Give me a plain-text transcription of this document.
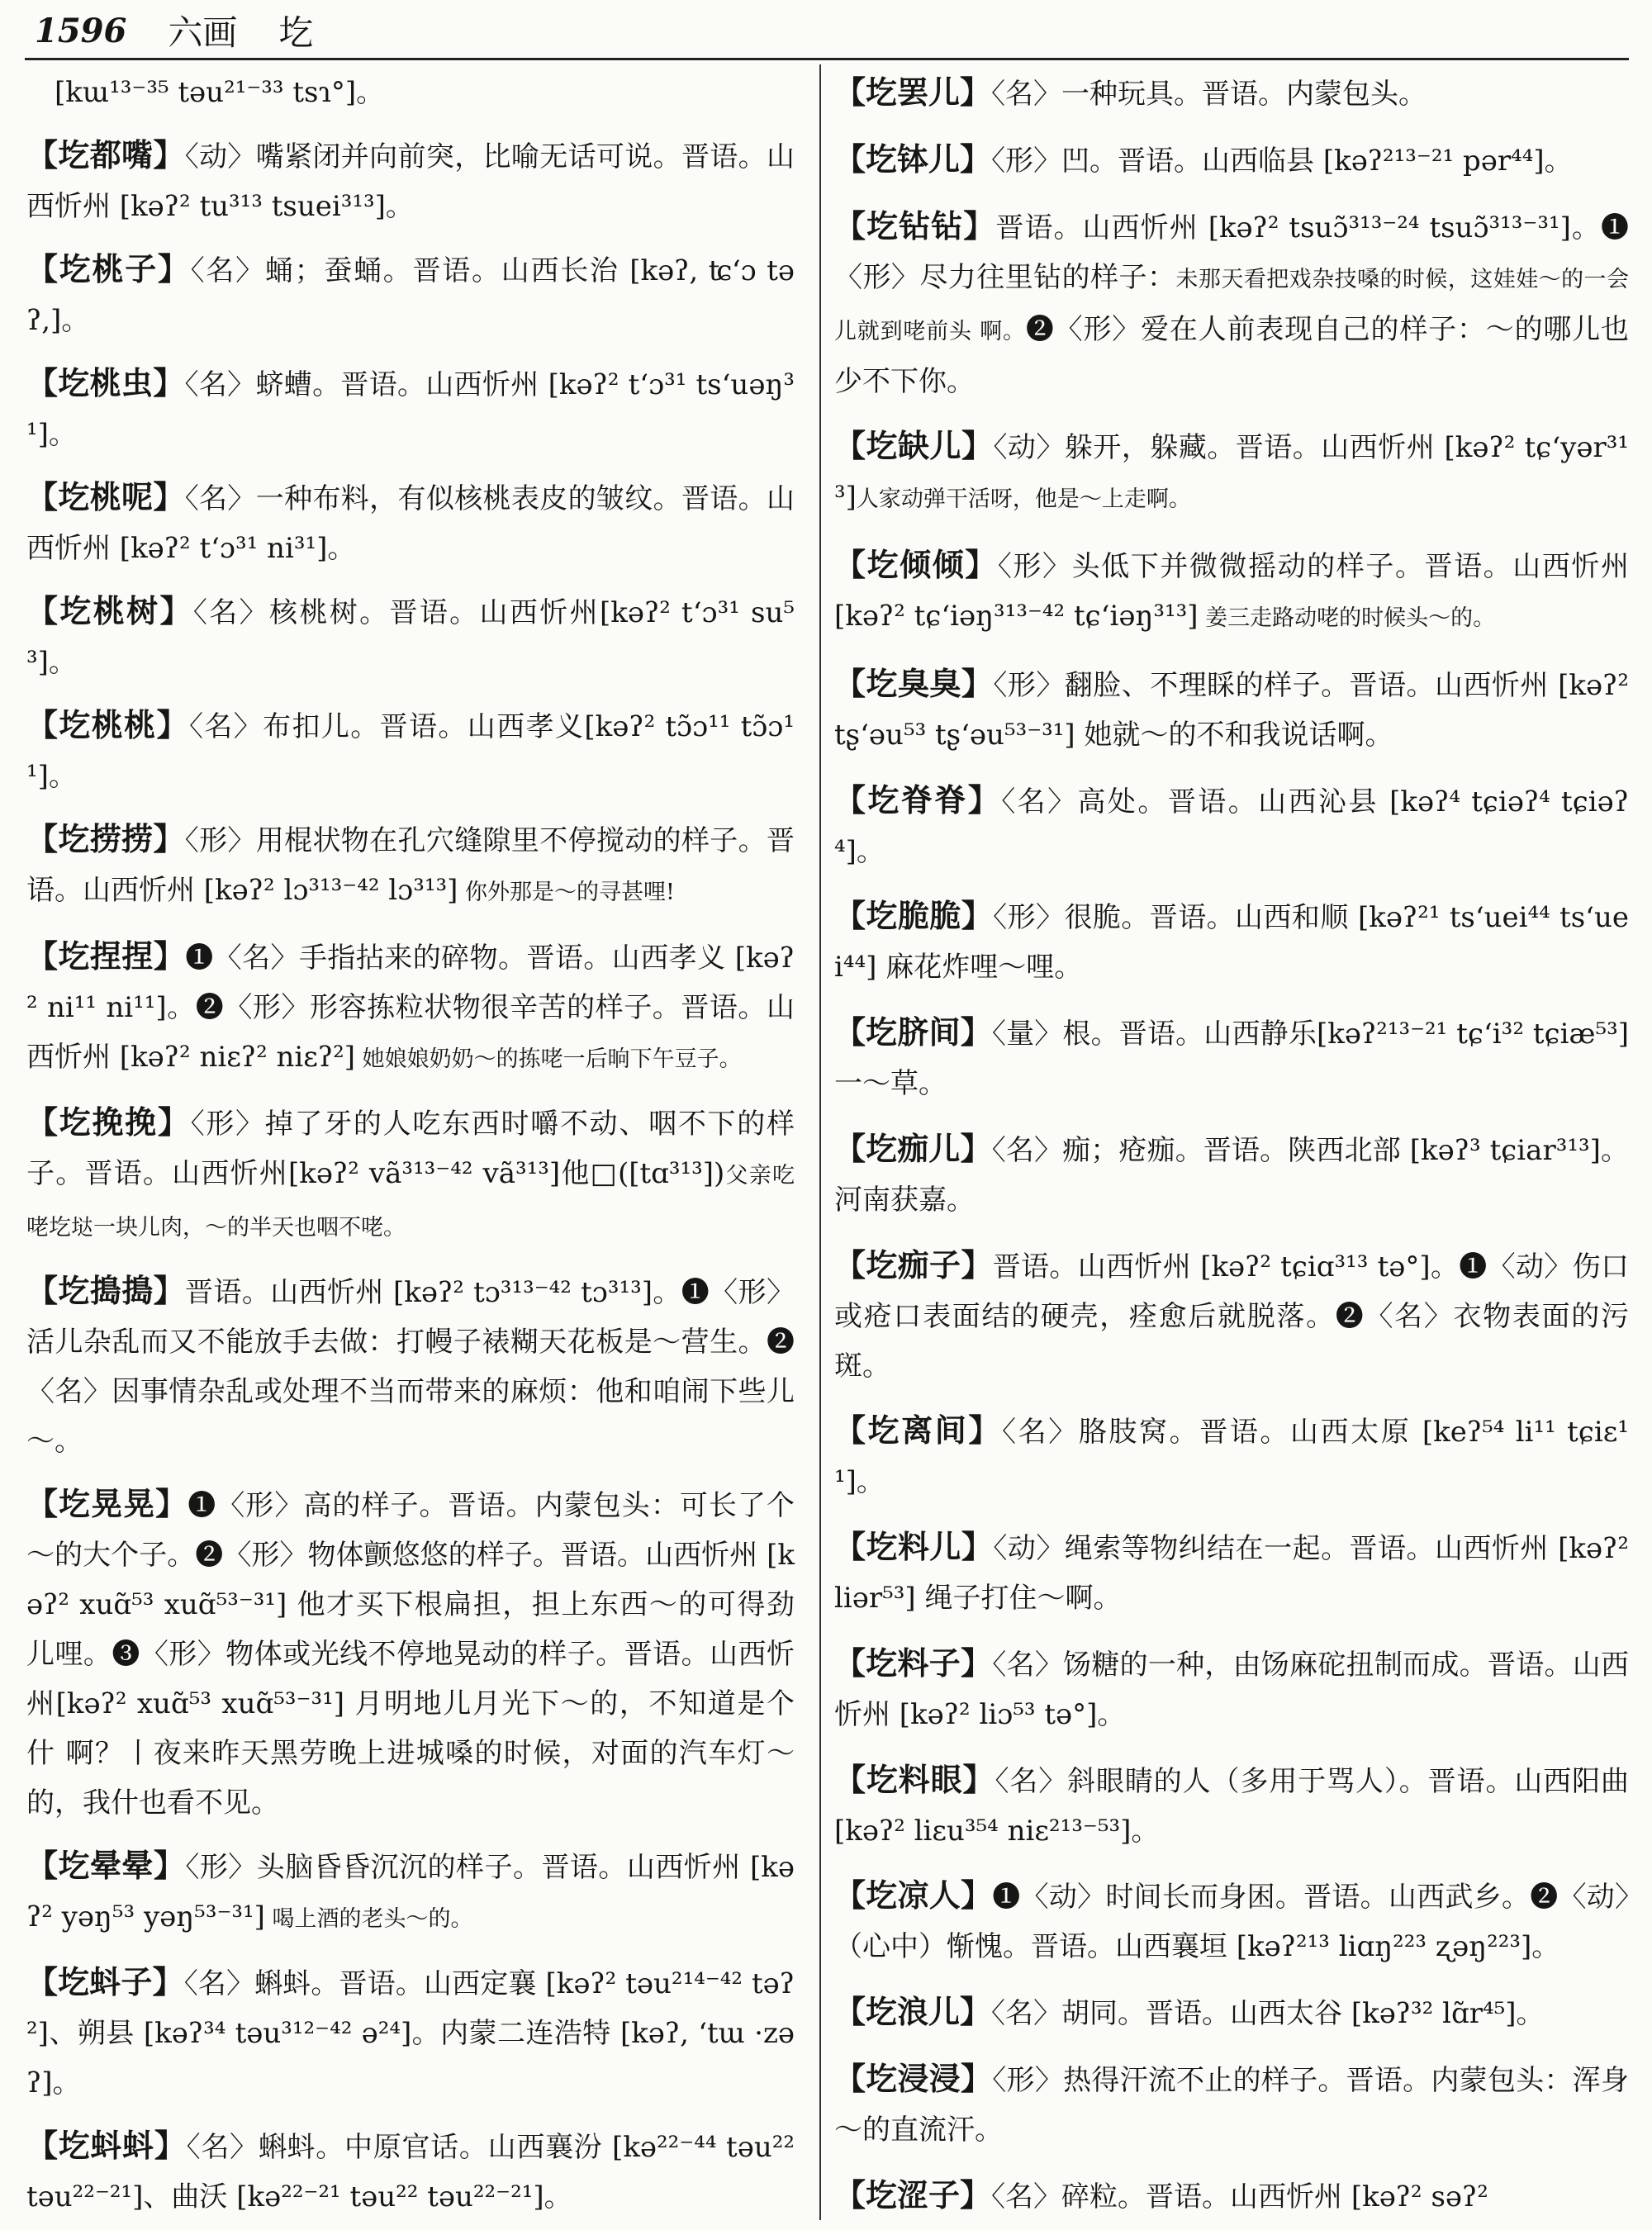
1596 六画 圪
[kɯ¹³⁻³⁵ təu²¹⁻³³ tsɿ°]。
【圪都嘴】〈动〉嘴紧闭并向前突，比喻无话可说。晋语。山西忻州 [kəʔ² tu³¹³ tsuei³¹³]。
【圪桃子】〈名〉蛹；蚕蛹。晋语。山西长治 [kəʔ, ʨʻɔ təʔ,]。
【圪桃虫】〈名〉蛴螬。晋语。山西忻州 [kəʔ² tʻɔ³¹ tsʻuəŋ³¹]。
【圪桃呢】〈名〉一种布料，有似核桃表皮的皱纹。晋语。山西忻州 [kəʔ² tʻɔ³¹ ni³¹]。
【圪桃树】〈名〉核桃树。晋语。山西忻州[kəʔ² tʻɔ³¹ su⁵³]。
【圪桃桃】〈名〉布扣儿。晋语。山西孝义[kəʔ² tɔ̃ɔ¹¹ tɔ̃ɔ¹¹]。
【圪捞捞】〈形〉用棍状物在孔穴缝隙里不停搅动的样子。晋语。山西忻州 [kəʔ² lɔ³¹³⁻⁴² lɔ³¹³] 你外那是～的寻甚哩!
【圪捏捏】❶〈名〉手指拈来的碎物。晋语。山西孝义 [kəʔ² ni¹¹ ni¹¹]。❷〈形〉形容拣粒状物很辛苦的样子。晋语。山西忻州 [kəʔ² niɛʔ² niɛʔ²] 她娘娘奶奶～的拣咾一后晌下午豆子。
【圪挽挽】〈形〉掉了牙的人吃东西时嚼不动、咽不下的样子。晋语。山西忻州[kəʔ² vã³¹³⁻⁴² vã³¹³]他□([tɑ³¹³])父亲吃咾圪垯一块儿肉，～的半天也咽不咾。
【圪搗搗】晋语。山西忻州 [kəʔ² tɔ³¹³⁻⁴² tɔ³¹³]。❶〈形〉活儿杂乱而又不能放手去做：打幔子裱糊天花板是～营生。❷〈名〉因事情杂乱或处理不当而带来的麻烦：他和咱闹下些儿～。
【圪晃晃】❶〈形〉高的样子。晋语。内蒙包头：可长了个～的大个子。❷〈形〉物体颤悠悠的样子。晋语。山西忻州 [kəʔ² xuɑ̃⁵³ xuɑ̃⁵³⁻³¹] 他才买下根扁担，担上东西～的可得劲儿哩。❸〈形〉物体或光线不停地晃动的样子。晋语。山西忻州[kəʔ² xuɑ̃⁵³ xuɑ̃⁵³⁻³¹] 月明地儿月光下～的，不知道是个什 啊？丨夜来昨天黑劳晚上进城嗓的时候，对面的汽车灯～的，我什也看不见。
【圪晕晕】〈形〉头脑昏昏沉沉的样子。晋语。山西忻州 [kəʔ² yəŋ⁵³ yəŋ⁵³⁻³¹] 喝上酒的老头～的。
【圪蚪子】〈名〉蝌蚪。晋语。山西定襄 [kəʔ² təu²¹⁴⁻⁴² təʔ²]、朔县 [kəʔ³⁴ təu³¹²⁻⁴² ə²⁴]。内蒙二连浩特 [kəʔ, ʻtɯ ·zəʔ]。
【圪蚪蚪】〈名〉蝌蚪。中原官话。山西襄汾 [kə²²⁻⁴⁴ təu²² təu²²⁻²¹]、曲沃 [kə²²⁻²¹ təu²² təu²²⁻²¹]。
【圪罢儿】〈名〉一种玩具。晋语。内蒙包头。
【圪钵儿】〈形〉凹。晋语。山西临县 [kəʔ²¹³⁻²¹ pər⁴⁴]。
【圪钻钻】晋语。山西忻州 [kəʔ² tsuɔ̃³¹³⁻²⁴ tsuɔ̃³¹³⁻³¹]。❶〈形〉尽力往里钻的样子：未那天看把戏杂技嗓的时候，这娃娃～的一会儿就到咾前头 啊。❷〈形〉爱在人前表现自己的样子：～的哪儿也少不下你。
【圪缺儿】〈动〉躲开，躲藏。晋语。山西忻州 [kəʔ² tɕʻyər³¹³]人家动弹干活呀，他是～上走啊。
【圪倾倾】〈形〉头低下并微微摇动的样子。晋语。山西忻州 [kəʔ² tɕʻiəŋ³¹³⁻⁴² tɕʻiəŋ³¹³] 姜三走路动咾的时候头～的。
【圪臭臭】〈形〉翻脸、不理睬的样子。晋语。山西忻州 [kəʔ² tʂʻəu⁵³ tʂʻəu⁵³⁻³¹] 她就～的不和我说话啊。
【圪脊脊】〈名〉高处。晋语。山西沁县 [kəʔ⁴ tɕiəʔ⁴ tɕiəʔ⁴]。
【圪脆脆】〈形〉很脆。晋语。山西和顺 [kəʔ²¹ tsʻuei⁴⁴ tsʻuei⁴⁴] 麻花炸哩～哩。
【圪脐间】〈量〉根。晋语。山西静乐[kəʔ²¹³⁻²¹ tɕʻi³² tɕiæ⁵³] 一～草。
【圪痂儿】〈名〉痂；疮痂。晋语。陕西北部 [kəʔ³ tɕiar³¹³]。河南获嘉。
【圪痂子】晋语。山西忻州 [kəʔ² tɕiɑ³¹³ tə°]。❶〈动〉伤口或疮口表面结的硬壳，痊愈后就脱落。❷〈名〉衣物表面的污斑。
【圪离间】〈名〉胳肢窝。晋语。山西太原 [keʔ⁵⁴ li¹¹ tɕiɛ¹¹]。
【圪料儿】〈动〉绳索等物纠结在一起。晋语。山西忻州 [kəʔ² liər⁵³] 绳子打住～啊。
【圪料子】〈名〉饧糖的一种，由饧麻砣扭制而成。晋语。山西忻州 [kəʔ² liɔ⁵³ tə°]。
【圪料眼】〈名〉斜眼睛的人（多用于骂人）。晋语。山西阳曲 [kəʔ² liɛu³⁵⁴ niɛ²¹³⁻⁵³]。
【圪凉人】❶〈动〉时间长而身困。晋语。山西武乡。❷〈动〉（心中）惭愧。晋语。山西襄垣 [kəʔ²¹³ liɑŋ²²³ ʐəŋ²²³]。
【圪浪儿】〈名〉胡同。晋语。山西太谷 [kəʔ³² lɑ̃r⁴⁵]。
【圪浸浸】〈形〉热得汗流不止的样子。晋语。内蒙包头：浑身～的直流汗。
【圪涩子】〈名〉碎粒。晋语。山西忻州 [kəʔ² səʔ²
